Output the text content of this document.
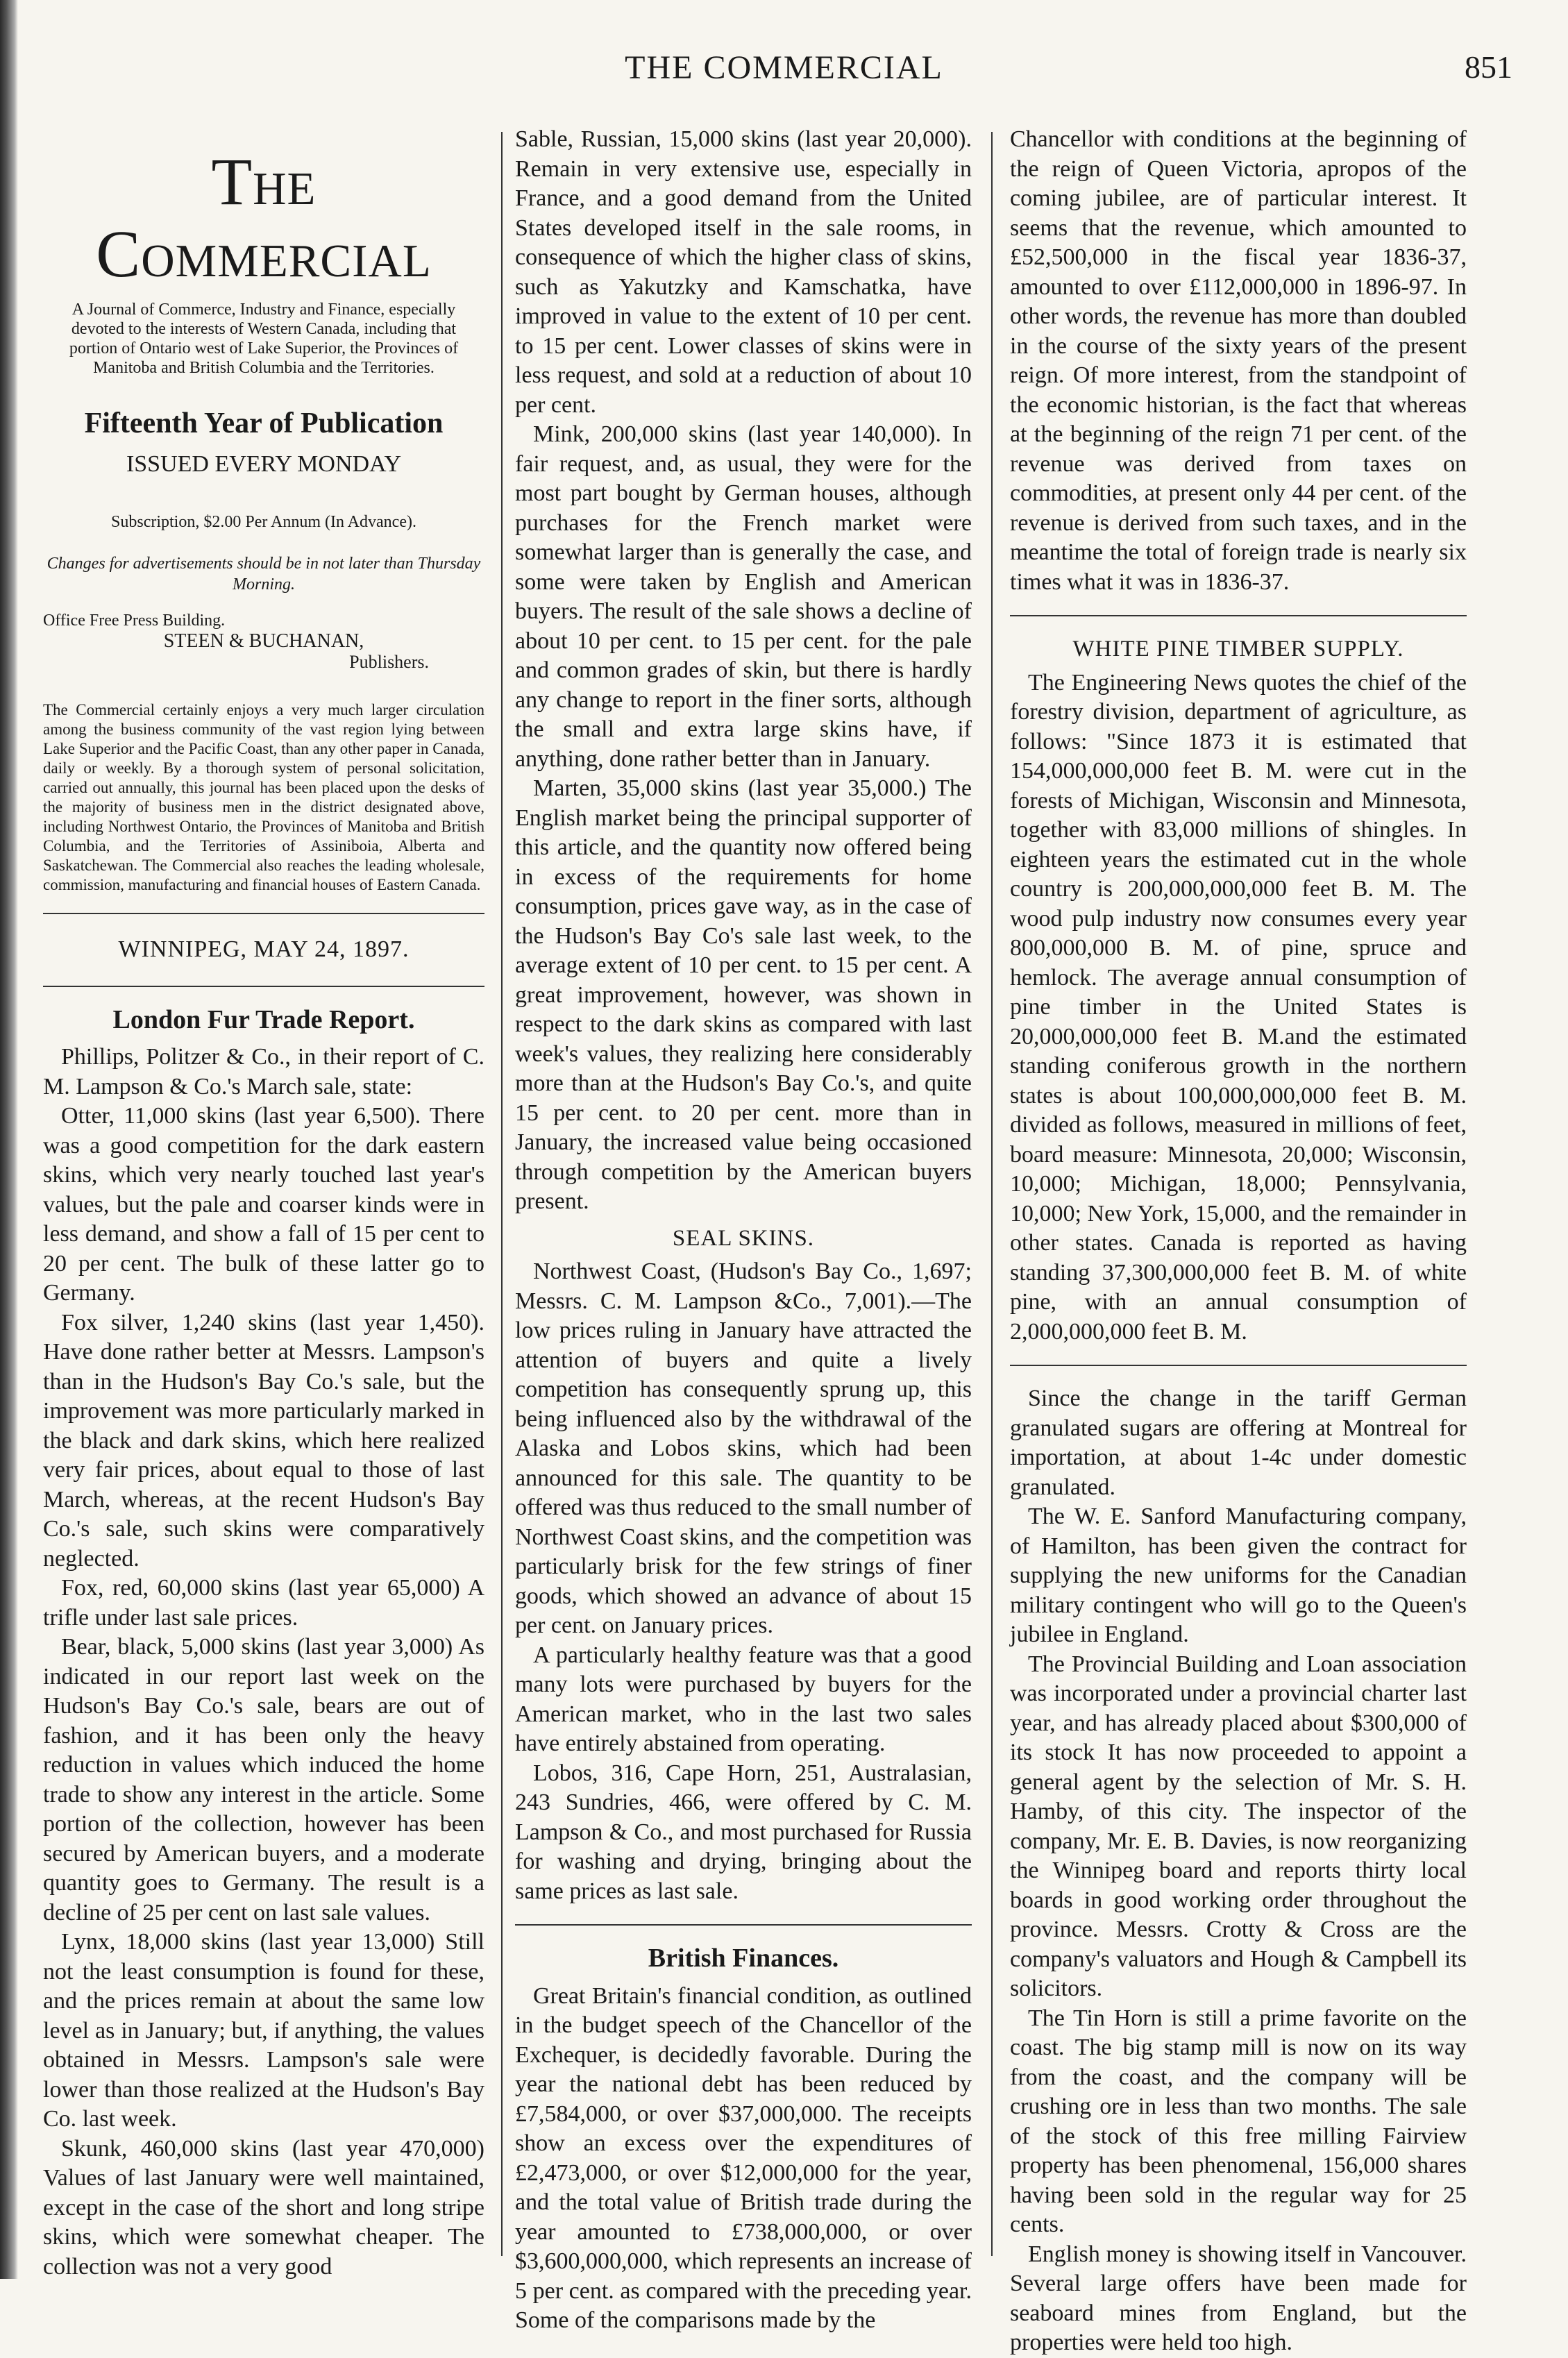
THE COMMERCIAL	851
The Commercial
A Journal of Commerce, Industry and Finance, especially devoted to the interests of Western Canada, including that portion of Ontario west of Lake Superior, the Provinces of Manitoba and British Columbia and the Territories.
Fifteenth Year of Publication
ISSUED EVERY MONDAY
Subscription, $2.00 Per Annum (In Advance).
Changes for advertisements should be in not later than Thursday Morning.
Office Free Press Building.
STEEN & BUCHANAN,
Publishers.
The Commercial certainly enjoys a very much larger circulation among the business community of the vast region lying between Lake Superior and the Pacific Coast, than any other paper in Canada, daily or weekly. By a thorough system of personal solicitation, carried out annually, this journal has been placed upon the desks of the majority of business men in the district designated above, including Northwest Ontario, the Provinces of Manitoba and British Columbia, and the Territories of Assiniboia, Alberta and Saskatchewan. The Commercial also reaches the leading wholesale, commission, manufacturing and financial houses of Eastern Canada.
WINNIPEG, MAY 24, 1897.
London Fur Trade Report.

Phillips, Politzer & Co., in their report of C. M. Lampson & Co.'s March sale, state:

Otter, 11,000 skins (last year 6,500). There was a good competition for the dark eastern skins, which very nearly touched last year's values, but the pale and coarser kinds were in less demand, and show a fall of 15 per cent to 20 per cent. The bulk of these latter go to Germany.

Fox silver, 1,240 skins (last year 1,450). Have done rather better at Messrs. Lampson's than in the Hudson's Bay Co.'s sale, but the improvement was more particularly marked in the black and dark skins, which here realized very fair prices, about equal to those of last March, whereas, at the recent Hudson's Bay Co.'s sale, such skins were comparatively neglected.

Fox, red, 60,000 skins (last year 65,000) A trifle under last sale prices.

Bear, black, 5,000 skins (last year 3,000) As indicated in our report last week on the Hudson's Bay Co.'s sale, bears are out of fashion, and it has been only the heavy reduction in values which induced the home trade to show any interest in the article. Some portion of the collection, however has been secured by American buyers, and a moderate quantity goes to Germany. The result is a decline of 25 per cent on last sale values.

Lynx, 18,000 skins (last year 13,000) Still not the least consumption is found for these, and the prices remain at about the same low level as in January; but, if anything, the values obtained in Messrs. Lampson's sale were lower than those realized at the Hudson's Bay Co. last week.

Skunk, 460,000 skins (last year 470,000) Values of last January were well maintained, except in the case of the short and long stripe skins, which were somewhat cheaper. The collection was not a very good

Sable, Russian, 15,000 skins (last year 20,000). Remain in very extensive use, especially in France, and a good demand from the United States developed itself in the sale rooms, in consequence of which the higher class of skins, such as Yakutzky and Kamschatka, have improved in value to the extent of 10 per cent. to 15 per cent. Lower classes of skins were in less request, and sold at a reduction of about 10 per cent.

Mink, 200,000 skins (last year 140,000). In fair request, and, as usual, they were for the most part bought by German houses, although purchases for the French market were somewhat larger than is generally the case, and some were taken by English and American buyers. The result of the sale shows a decline of about 10 per cent. to 15 per cent. for the pale and common grades of skin, but there is hardly any change to report in the finer sorts, although the small and extra large skins have, if anything, done rather better than in January.

Marten, 35,000 skins (last year 35,000.) The English market being the principal supporter of this article, and the quantity now offered being in excess of the requirements for home consumption, prices gave way, as in the case of the Hudson's Bay Co's sale last week, to the average extent of 10 per cent. to 15 per cent. A great improvement, however, was shown in respect to the dark skins as compared with last week's values, they realizing here considerably more than at the Hudson's Bay Co.'s, and quite 15 per cent. to 20 per cent. more than in January, the increased value being occasioned through competition by the American buyers present.

SEAL SKINS.

Northwest Coast, (Hudson's Bay Co., 1,697; Messrs. C. M. Lampson &Co., 7,001).—The low prices ruling in January have attracted the attention of buyers and quite a lively competition has consequently sprung up, this being influenced also by the withdrawal of the Alaska and Lobos skins, which had been announced for this sale. The quantity to be offered was thus reduced to the small number of Northwest Coast skins, and the competition was particularly brisk for the few strings of finer goods, which showed an advance of about 15 per cent. on January prices.

A particularly healthy feature was that a good many lots were purchased by buyers for the American market, who in the last two sales have entirely abstained from operating.

Lobos, 316, Cape Horn, 251, Australasian, 243 Sundries, 466, were offered by C. M. Lampson & Co., and most purchased for Russia for washing and drying, bringing about the same prices as last sale.

British Finances.

Great Britain's financial condition, as outlined in the budget speech of the Chancellor of the Exchequer, is decidedly favorable. During the year the national debt has been reduced by £7,584,000, or over $37,000,000. The receipts show an excess over the expenditures of £2,473,000, or over $12,000,000 for the year, and the total value of British trade during the year amounted to £738,000,000, or over $3,600,000,000, which represents an increase of 5 per cent. as compared with the preceding year. Some of the comparisons made by the

Chancellor with conditions at the beginning of the reign of Queen Victoria, apropos of the coming jubilee, are of particular interest. It seems that the revenue, which amounted to £52,500,000 in the fiscal year 1836-37, amounted to over £112,000,000 in 1896-97. In other words, the revenue has more than doubled in the course of the sixty years of the present reign. Of more interest, from the standpoint of the economic historian, is the fact that whereas at the beginning of the reign 71 per cent. of the revenue was derived from taxes on commodities, at present only 44 per cent. of the revenue is derived from such taxes, and in the meantime the total of foreign trade is nearly six times what it was in 1836-37.

WHITE PINE TIMBER SUPPLY.

The Engineering News quotes the chief of the forestry division, department of agriculture, as follows: "Since 1873 it is estimated that 154,000,000,000 feet B. M. were cut in the forests of Michigan, Wisconsin and Minnesota, together with 83,000 millions of shingles. In eighteen years the estimated cut in the whole country is 200,000,000,000 feet B. M. The wood pulp industry now consumes every year 800,000,000 B. M. of pine, spruce and hemlock. The average annual consumption of pine timber in the United States is 20,000,000,000 feet B. M.and the estimated standing coniferous growth in the northern states is about 100,000,000,000 feet B. M. divided as follows, measured in millions of feet, board measure: Minnesota, 20,000; Wisconsin, 10,000; Michigan, 18,000; Pennsylvania, 10,000; New York, 15,000, and the remainder in other states. Canada is reported as having standing 37,300,000,000 feet B. M. of white pine, with an annual consumption of 2,000,000,000 feet B. M.

Since the change in the tariff German granulated sugars are offering at Montreal for importation, at about 1-4c under domestic granulated.

The W. E. Sanford Manufacturing company, of Hamilton, has been given the contract for supplying the new uniforms for the Canadian military contingent who will go to the Queen's jubilee in England.

The Provincial Building and Loan association was incorporated under a provincial charter last year, and has already placed about $300,000 of its stock It has now proceeded to appoint a general agent by the selection of Mr. S. H. Hamby, of this city. The inspector of the company, Mr. E. B. Davies, is now reorganizing the Winnipeg board and reports thirty local boards in good working order throughout the province. Messrs. Crotty & Cross are the company's valuators and Hough & Campbell its solicitors.

The Tin Horn is still a prime favorite on the coast. The big stamp mill is now on its way from the coast, and the company will be crushing ore in less than two months. The sale of the stock of this free milling Fairview property has been phenomenal, 156,000 shares having been sold in the regular way for 25 cents.

English money is showing itself in Vancouver. Several large offers have been made for seaboard mines from England, but the properties were held too high.
